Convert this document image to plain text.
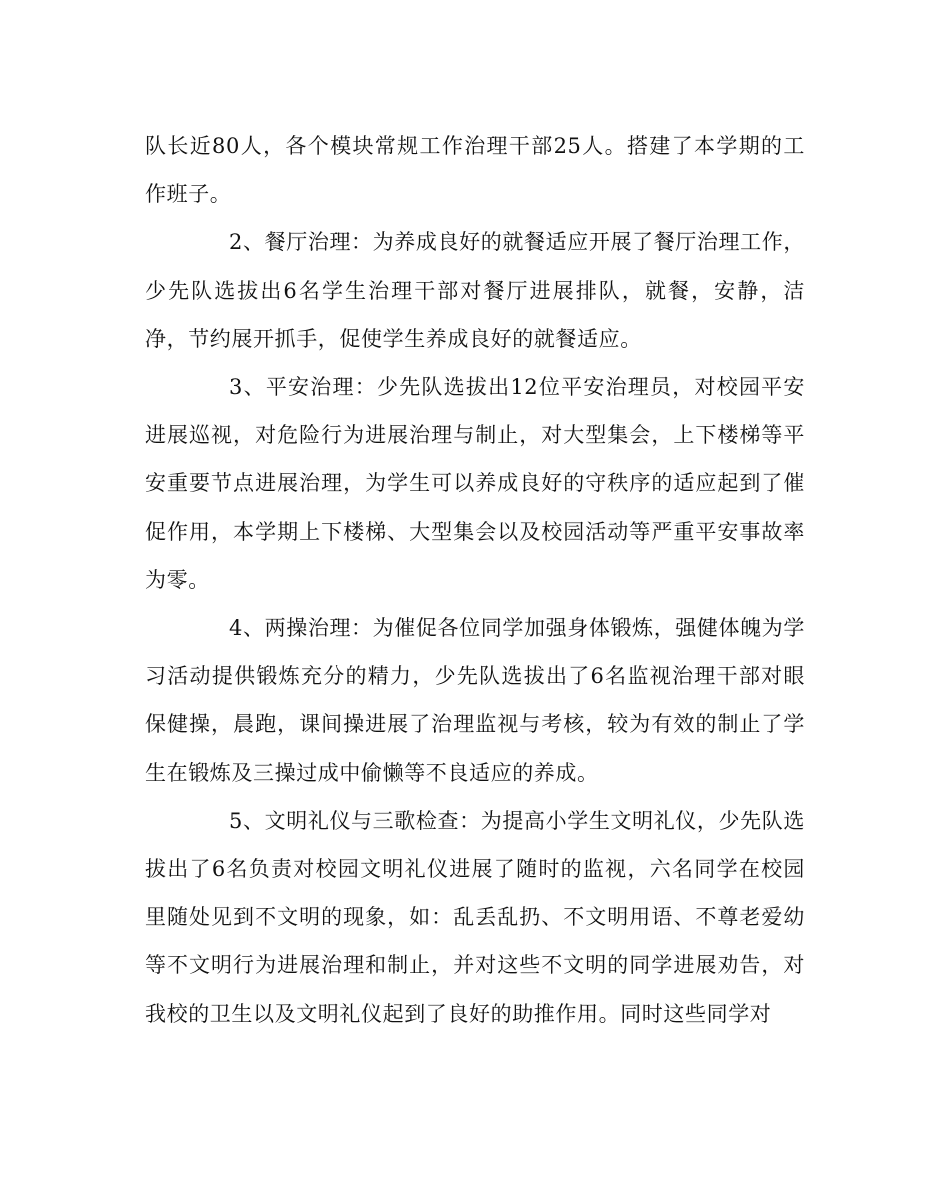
队长近80人，各个模块常规工作治理干部25人。搭建了本学期的工作班子。

2、餐厅治理：为养成良好的就餐适应开展了餐厅治理工作，少先队选拔出6名学生治理干部对餐厅进展排队，就餐，安静，洁净，节约展开抓手，促使学生养成良好的就餐适应。

3、平安治理：少先队选拔出12位平安治理员，对校园平安进展巡视，对危险行为进展治理与制止，对大型集会，上下楼梯等平安重要节点进展治理，为学生可以养成良好的守秩序的适应起到了催促作用，本学期上下楼梯、大型集会以及校园活动等严重平安事故率为零。

4、两操治理：为催促各位同学加强身体锻炼，强健体魄为学习活动提供锻炼充分的精力，少先队选拔出了6名监视治理干部对眼保健操，晨跑，课间操进展了治理监视与考核，较为有效的制止了学生在锻炼及三操过成中偷懒等不良适应的养成。

5、文明礼仪与三歌检查：为提高小学生文明礼仪，少先队选拔出了6名负责对校园文明礼仪进展了随时的监视，六名同学在校园里随处见到不文明的现象，如：乱丢乱扔、不文明用语、不尊老爱幼等不文明行为进展治理和制止，并对这些不文明的同学进展劝告，对我校的卫生以及文明礼仪起到了良好的助推作用。同时这些同学对
